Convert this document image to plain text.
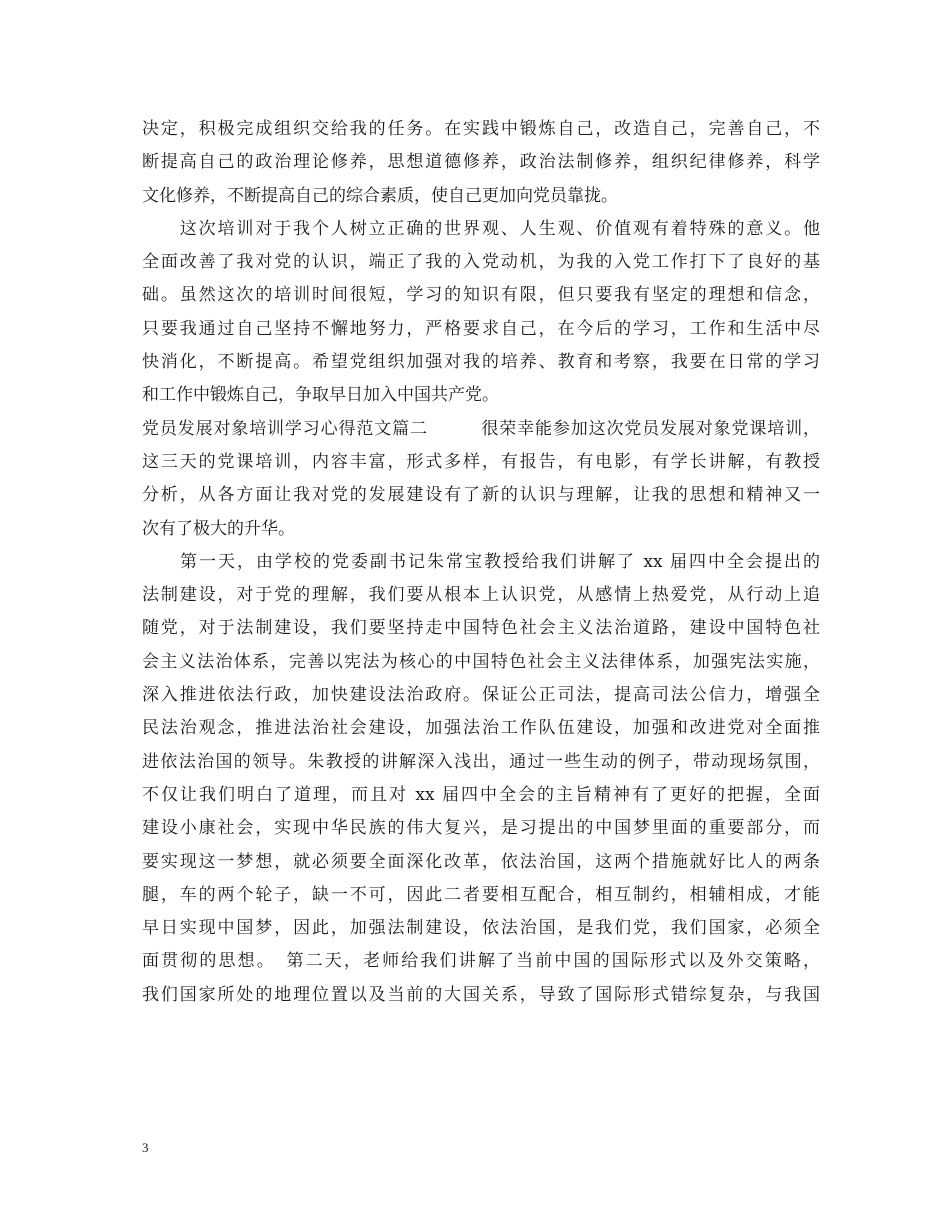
决定，积极完成组织交给我的任务。在实践中锻炼自己，改造自己，完善自己，不
断提高自己的政治理论修养，思想道德修养，政治法制修养，组织纪律修养，科学
文化修养，不断提高自己的综合素质，使自己更加向党员靠拢。
　　这次培训对于我个人树立正确的世界观、人生观、价值观有着特殊的意义。他
全面改善了我对党的认识，端正了我的入党动机，为我的入党工作打下了良好的基
础。虽然这次的培训时间很短，学习的知识有限，但只要我有坚定的理想和信念，
只要我通过自己坚持不懈地努力，严格要求自己，在今后的学习，工作和生活中尽
快消化，不断提高。希望党组织加强对我的培养、教育和考察，我要在日常的学习
和工作中锻炼自己，争取早日加入中国共产党。
党员发展对象培训学习心得范文篇二　　　很荣幸能参加这次党员发展对象党课培训，
这三天的党课培训，内容丰富，形式多样，有报告，有电影，有学长讲解，有教授
分析，从各方面让我对党的发展建设有了新的认识与理解，让我的思想和精神又一
次有了极大的升华。
　　第一天，由学校的党委副书记朱常宝教授给我们讲解了 xx 届四中全会提出的
法制建设，对于党的理解，我们要从根本上认识党，从感情上热爱党，从行动上追
随党，对于法制建设，我们要坚持走中国特色社会主义法治道路，建设中国特色社
会主义法治体系，完善以宪法为核心的中国特色社会主义法律体系，加强宪法实施，
深入推进依法行政，加快建设法治政府。保证公正司法，提高司法公信力，增强全
民法治观念，推进法治社会建设，加强法治工作队伍建设，加强和改进党对全面推
进依法治国的领导。朱教授的讲解深入浅出，通过一些生动的例子，带动现场氛围，
不仅让我们明白了道理，而且对 xx 届四中全会的主旨精神有了更好的把握，全面
建设小康社会，实现中华民族的伟大复兴，是习提出的中国梦里面的重要部分，而
要实现这一梦想，就必须要全面深化改革，依法治国，这两个措施就好比人的两条
腿，车的两个轮子，缺一不可，因此二者要相互配合，相互制约，相辅相成，才能
早日实现中国梦，因此，加强法制建设，依法治国，是我们党，我们国家，必须全
面贯彻的思想。　第二天，老师给我们讲解了当前中国的国际形式以及外交策略，
我们国家所处的地理位置以及当前的大国关系，导致了国际形式错综复杂，与我国
3
